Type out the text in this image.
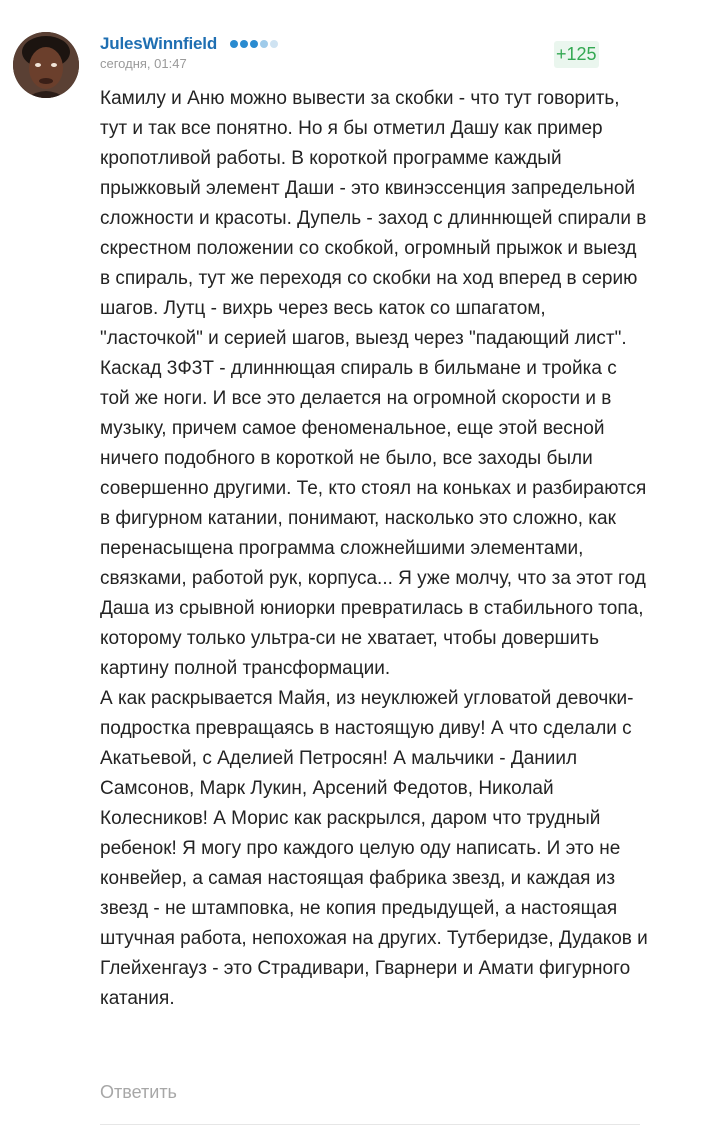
JulesWinnfield
сегодня, 01:47	+125

Камилу и Аню можно вывести за скобки - что тут говорить, тут и так все понятно. Но я бы отметил Дашу как пример кропотливой работы. В короткой программе каждый прыжковый элемент Даши - это квинэссенция запредельной сложности и красоты. Дупель - заход с длиннющей спирали в скрестном положении со скобкой, огромный прыжок и выезд в спираль, тут же переходя со скобки на ход вперед в серию шагов. Лутц - вихрь через весь каток со шпагатом, "ласточкой" и серией шагов, выезд через "падающий лист". Каскад 3Ф3Т - длиннющая спираль в бильмане и тройка с той же ноги. И все это делается на огромной скорости и в музыку, причем самое феноменальное, еще этой весной ничего подобного в короткой не было, все заходы были совершенно другими. Те, кто стоял на коньках и разбираются в фигурном катании, понимают, насколько это сложно, как перенасыщена программа сложнейшими элементами, связками, работой рук, корпуса... Я уже молчу, что за этот год Даша из срывной юниорки превратилась в стабильного топа, которому только ультра-си не хватает, чтобы довершить картину полной трансформации.

А как раскрывается Майя, из неуклюжей угловатой девочки-подростка превращаясь в настоящую диву! А что сделали с Акатьевой, с Аделией Петросян! А мальчики - Даниил Самсонов, Марк Лукин, Арсений Федотов, Николай Колесников! А Морис как раскрылся, даром что трудный ребенок! Я могу про каждого целую оду написать. И это не конвейер, а самая настоящая фабрика звезд, и каждая из звезд - не штамповка, не копия предыдущей, а настоящая штучная работа, непохожая на других. Тутберидзе, Дудаков и Глейхенгауз - это Страдивари, Гварнери и Амати фигурного катания.

Ответить
